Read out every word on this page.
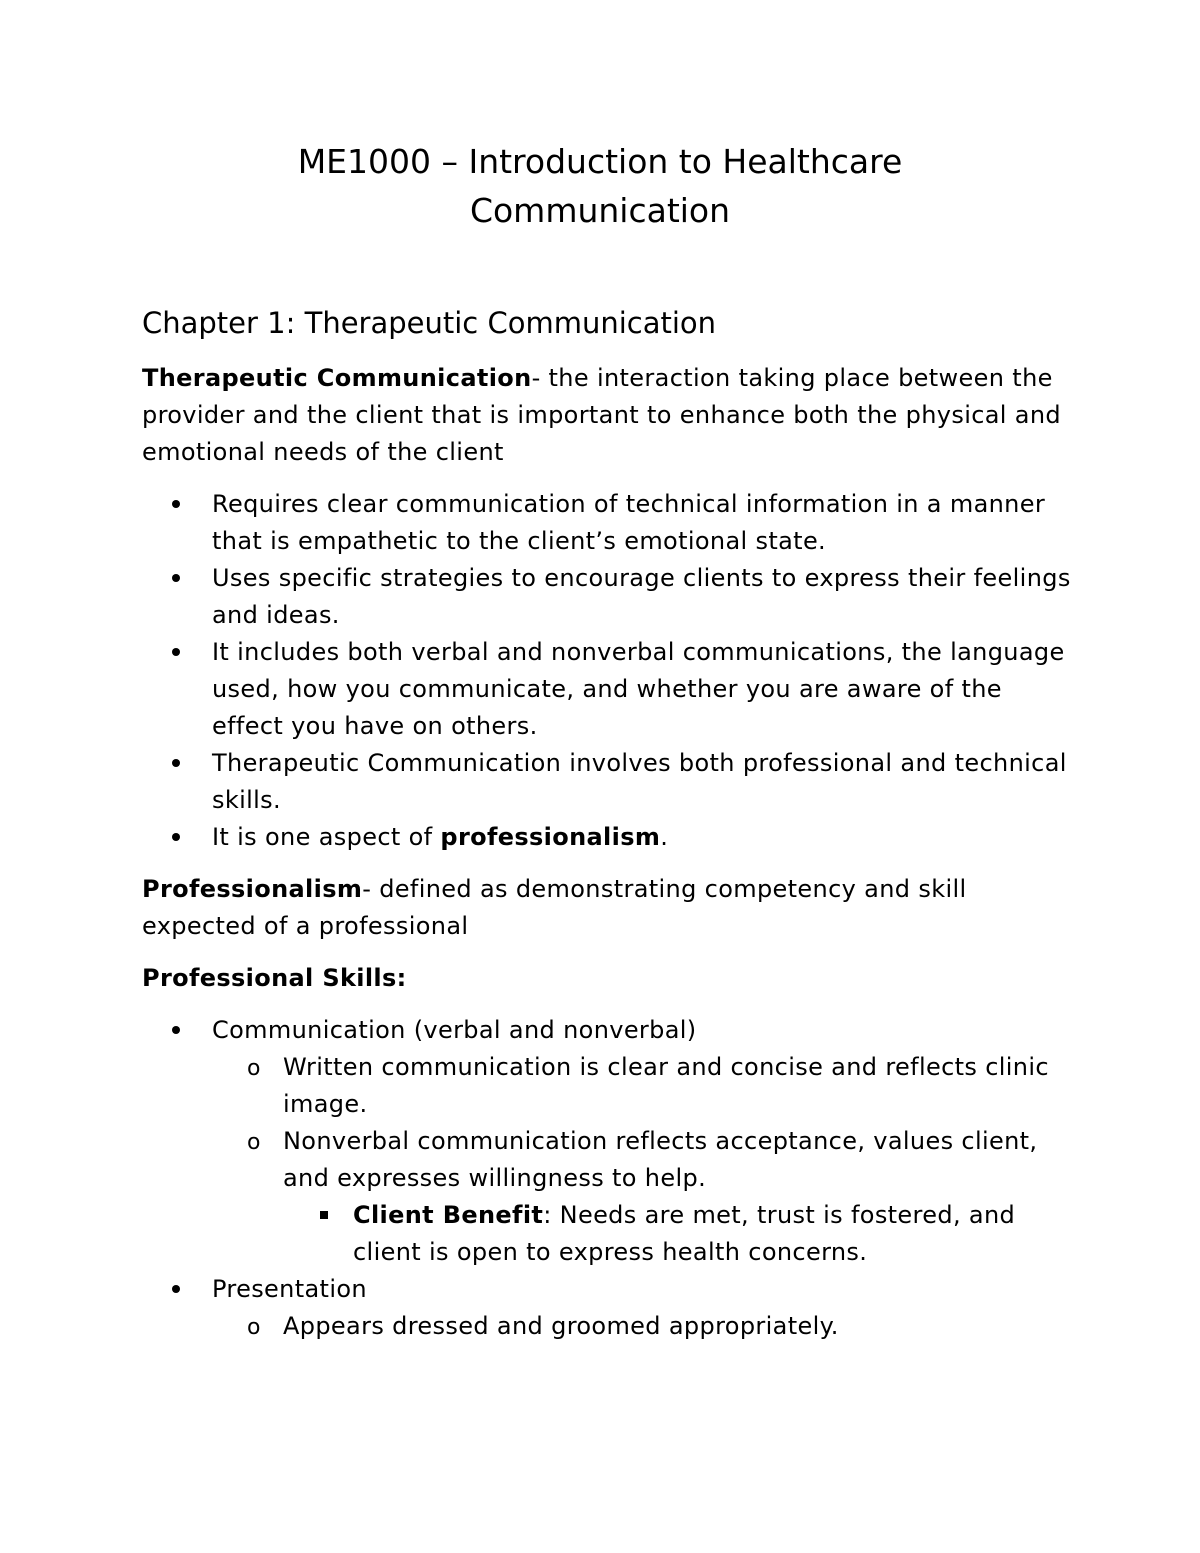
ME1000 – Introduction to Healthcare
Communication
Chapter 1: Therapeutic Communication

Therapeutic Communication- the interaction taking place between the provider and the client that is important to enhance both the physical and emotional needs of the client

Requires clear communication of technical information in a manner that is empathetic to the client’s emotional state.
Uses specific strategies to encourage clients to express their feelings and ideas.
It includes both verbal and nonverbal communications, the language used, how you communicate, and whether you are aware of the effect you have on others.
Therapeutic Communication involves both professional and technical skills.
It is one aspect of professionalism.

Professionalism- defined as demonstrating competency and skill expected of a professional

Professional Skills:

Communication (verbal and nonverbal)
o Written communication is clear and concise and reflects clinic image.
o Nonverbal communication reflects acceptance, values client, and expresses willingness to help.
Client Benefit: Needs are met, trust is fostered, and client is open to express health concerns.
Presentation
o Appears dressed and groomed appropriately.
